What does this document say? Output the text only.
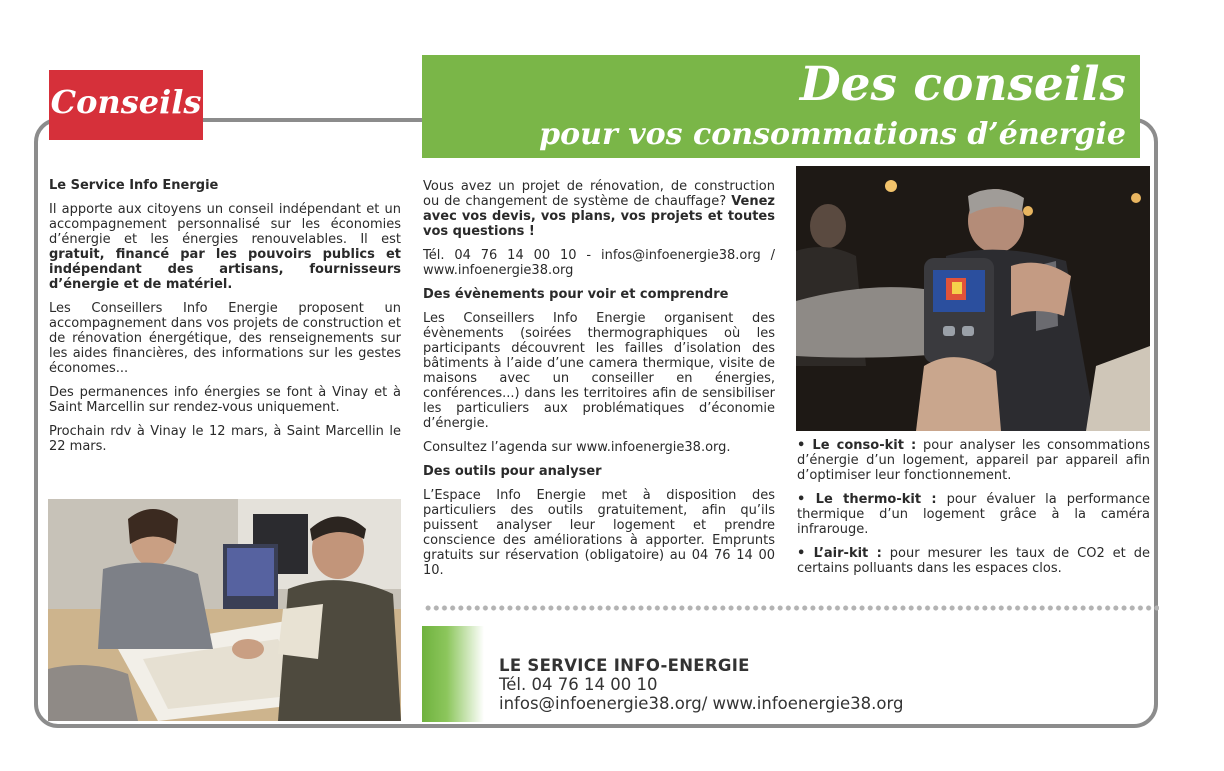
Conseils	Des conseils
pour vos consommations d’énergie
Le Service Info Energie

Il apporte aux citoyens un conseil indépendant et un accompagnement personnalisé sur les économies d’énergie et les énergies renouvelables. Il est gratuit, financé par les pouvoirs publics et indépendant des artisans, fournisseurs d’énergie et de matériel.

Les Conseillers Info Energie proposent un accompagnement dans vos projets de construction et de rénovation énergétique, des renseignements sur les aides financières, des informations sur les gestes économes...

Des permanences info énergies se font à Vinay et à Saint Marcellin sur rendez-vous uniquement.

Prochain rdv à Vinay le 12 mars, à Saint Marcellin le 22 mars.

Vous avez un projet de rénovation, de construction ou de changement de système de chauffage? Venez avec vos devis, vos plans, vos projets et toutes vos questions !

Tél. 04 76 14 00 10 - infos@infoenergie38.org / www.infoenergie38.org

Des évènements pour voir et comprendre

Les Conseillers Info Energie organisent des évènements (soirées thermographiques où les participants découvrent les failles d’isolation des bâtiments à l’aide d’une camera thermique, visite de maisons avec un conseiller en énergies, conférences...) dans les territoires afin de sensibiliser les particuliers aux problématiques d’économie d’énergie.

Consultez l’agenda sur www.infoenergie38.org.

Des outils pour analyser

L’Espace Info Energie met à disposition des particuliers des outils gratuitement, afin qu’ils puissent analyser leur logement et prendre conscience des améliorations à apporter. Emprunts gratuits sur réservation (obligatoire) au 04 76 14 00 10.

• Le conso-kit : pour analyser les consommations d’énergie d’un logement, appareil par appareil afin d’optimiser leur fonctionnement.

• Le thermo-kit : pour évaluer la performance thermique d’un logement grâce à la caméra infrarouge.

• L’air-kit : pour mesurer les taux de CO2 et de certains polluants dans les espaces clos.

LE SERVICE INFO-ENERGIE
Tél. 04 76 14 00 10
infos@infoenergie38.org/ www.infoenergie38.org
